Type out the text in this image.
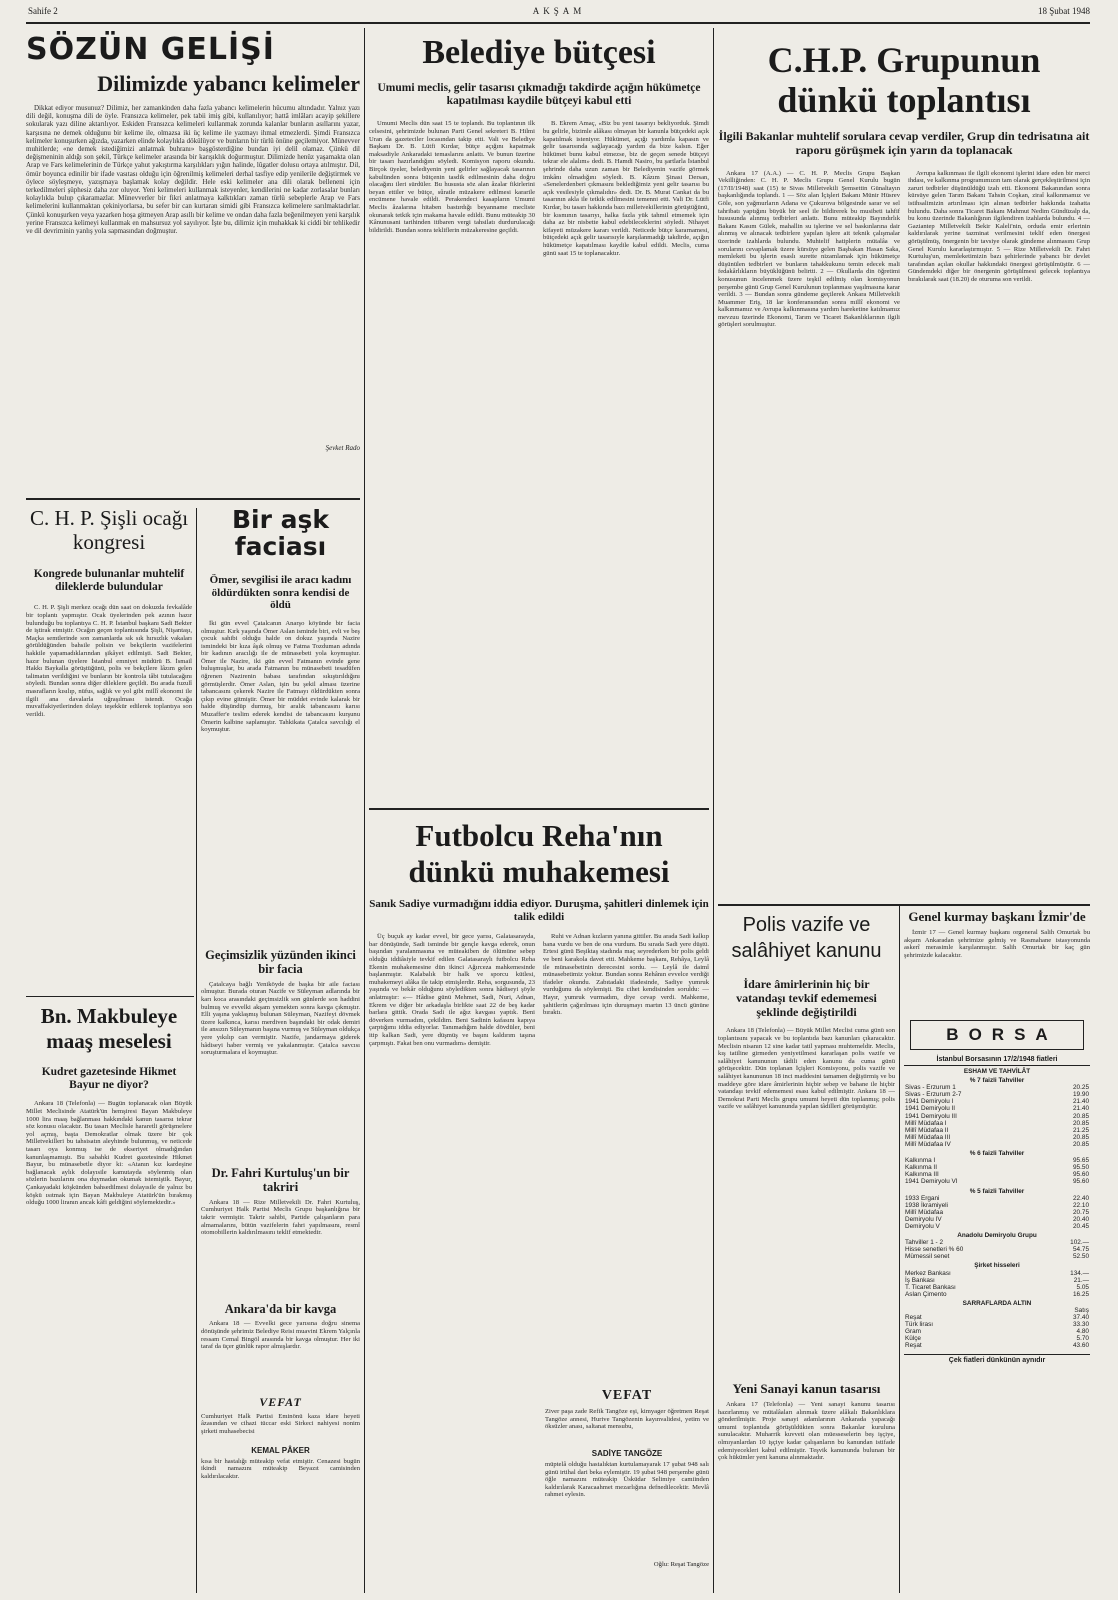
Sahife 2	AKŞAM	18 Şubat 1948
SÖZÜN GELİŞİ
Dilimizde yabancı kelimeler

Dikkat ediyor musunuz? Dilimiz, her zamankinden daha fazla yabancı kelimelerin hücumu altındadır. Yalnız yazı dili değil, konuşma dili de öyle. Fransızca kelimeler, pek tabii imiş gibi, kullanılıyor; hattâ imlâları acayip şekillere sokularak yazı diline aktarılıyor. Eskiden Fransızca kelimeleri kullanmak zorunda kalanlar bunların asıllarını yazar, karşısına ne demek olduğunu bir kelime ile, olmazsa iki üç kelime ile yazmayı ihmal etmezlerdi. Şimdi Fransızca kelimeler konuşurken ağızda, yazarken elinde kolaylıkla dökülüyor ve bunların bir türlü önüne geçilemiyor. Münevver muhitlerde; «ne demek istediğimizi anlatmak buhranı» başgösterdiğine bundan iyi delil olamaz. Çünkü dil değişmeninin aldığı son şekil, Türkçe kelimeler arasında bir karışıklık doğurmuştur. Dilimizde henüz yaşamakta olan Arap ve Fars kelimelerinin de Türkçe yahut yakıştırma karşılıkları yığın halinde, lûgatler dolusu ortaya atılmıştır. Dil, ömür boyunca edinilir bir ifade vasıtası olduğu için öğrenilmiş kelimeleri derhal tasfiye edip yenilerile değiştirmek ve öylece söyleşmeye, yazışmaya başlamak kolay değildir. Hele eski kelimeler ana dili olarak belleneni için terkedilmeleri şüphesiz daha zor oluyor. Yeni kelimeleri kullanmak isteyenler, kendilerini ne kadar zorlasalar bunları kolaylıkla bulup çıkaramazlar. Münevverler bir fikri anlatmaya kalktıkları zaman türlü sebeplerle Arap ve Fars kelimelerini kullanmaktan çekiniyorlarsa, bu sefer bir can kurtaran simidi gibi Fransızca kelimelere sarılmaktadırlar. Çünkü konuşurken veya yazarken hoşa gitmeyen Arap asıllı bir kelime ve ondan daha fazla beğenilmeyen yeni karşılık yerine Fransızca kelimeyi kullanmak en mahsursuz yol sayılıyor. İşte bu, dilimiz için muhakkak ki ciddi bir tehlikedir ve dil devriminin yanlış yola sapmasından doğmuştur.

Şevket Rado
C. H. P. Şişli ocağı kongresi
Kongrede bulunanlar muhtelif dileklerde bulundular

C. H. P. Şişli merkez ocağı dün saat on dokuzda fevkalâde bir toplantı yapmıştır. Ocak üyelerinden pek azının hazır bulunduğu bu toplantıya C. H. P. İstanbul başkanı Sadi Bekter de iştirak etmiştir. Ocağın geçen toplantısında Şişli, Nişantaşı, Maçka semtlerinde son zamanlarda sık sık hırsızlık vakaları görüldüğünden bahsile polisin ve bekçilerin vazifelerini hakkile yapamadıklarından şikâyet edilmişti. Sadi Bekter, hazır bulunan üyelere İstanbul emniyet müdürü B. İsmail Hakkı Baykalla görüştüğünü, polis ve bekçilere lâzım gelen talimatın verildiğini ve bunların bir kontrola tâbi tutulacağını söyledi. Bundan sonra diğer dileklere geçildi. Bu arada fuzulî masrafların kısılıp, nüfus, sağlık ve yol gibi millî ekonomi ile ilgili ana davalarla uğraşılması istendi. Ocağa muvaffakiyetlerinden dolayı teşekkür edilerek toplantıya son verildi.

Bn. Makbuleye maaş meselesi
Kudret gazetesinde Hikmet Bayur ne diyor?

Ankara 18 (Telefonla) — Bugün toplanacak olan Büyük Millet Meclisinde Atatürk'ün hemşiresi Bayan Makbuleye 1000 lira maaş bağlanması hakkındaki kanun tasarısı tekrar söz konusu olacaktır. Bu tasarı Meclisle hararetli görüşmelere yol açmış, başta Demokratlar olmak üzere bir çok Milletvekilleri bu tahsisatın aleyhinde bulunmuş, ve neticede tasarı oya konmuş ise de ekseriyet olmadığından kanunlaşmamıştı. Bu sabahki Kudret gazetesinde Hikmet Bayur, bu münasebetle diyor ki: «Atanın kız kardeşine bağlanacak aylık dolayısile kamutayda söylenmiş olan sözlerin bazılarını ona duymadan okumak istemiştik. Bayur, Çankayadaki köşkünden bahsedilmesi dolayısile de yalnız bu köşkü ısıtmak için Bayan Makbuleye Atatürk'ün bırakmış olduğu 1000 liranın ancak kâfi geldiğini söylemektedir.»

Bir aşk faciası
Ömer, sevgilisi ile aracı kadını öldürdükten sonra kendisi de öldü

İki gün evvel Çatalcanın Anarşo köyünde bir facia olmuştur. Kırk yaşında Ömer Aslan isminde biri, evli ve beş çocuk sahibi olduğu halde on dokuz yaşında Nazire ismindeki bir kıza âşık olmuş ve Fatma Tozduman adında bir kadının aracılığı ile de münasebeti yola koymuştur. Ömer ile Nazire, iki gün evvel Fatmanın evinde gene buluşmuşlar, bu arada Fatmanın bu münasebeti tesadüfen öğrenen Nazirenin babası tarafından sıkıştırıldığını görmüşlerdir. Ömer Aslan, işin bu şekil alması üzerine tabancasını çekerek Nazire ile Fatmayı öldürdükten sonra çıkıp evine gitmiştir. Ömer bir müddet evinde kalarak bir halde düşündüp durmuş, bir aralık tabancasını karısı Muzaffer'e teslim ederek kendisi de tabancasını kurşunu Ömerin kalbine saplamıştır. Tahkikata Çatalca savcılığı el koymuştur.

Geçimsizlik yüzünden ikinci bir facia

Çatalcaya bağlı Yeniköyde de başka bir aile faciası olmuştur. Burada oturan Nazife ve Süleyman adlarında bir karı koca arasındaki geçimsizlik son günlerde son haddini bulmuş ve evvelki akşam yemekten sonra kavga çıkmıştır. Elli yaşına yaklaşmış bulunan Süleyman, Nazifeyi dövmek üzere kalkınca, karısı merdiven başındaki bir odak demiri ile ansızın Süleymanın başına vurmuş ve Süleyman oldukça yere yıkılıp can vermiştir. Nazife, jandarmaya giderek hâdiseyi haber vermiş ve yakalanmıştır. Çatalca savcısı soruşturmalara el koymuştur.

Dr. Fahri Kurtuluş'un bir takriri

Ankara 18 — Rize Milletvekili Dr. Fahri Kurtuluş, Cumhuriyet Halk Partisi Meclis Grupu başkanlığına bir takrir vermiştir. Takrir sahibi, Partide çalışanların para almamalarını, bütün vazifelerin fahri yapılmasını, resmî otomobillerin kaldırılmasını teklif etmektedir.

Ankara'da bir kavga

Ankara 18 — Evvelki gece yarısına doğru sinema dönüşünde şehrimiz Belediye Reisi muavini Ekrem Yalçınla ressam Cemal Bingöl arasında bir kavga olmuştur. Her iki taraf da üçer günlük rapor almışlardır.

VEFAT
Cumhuriyet Halk Partisi Eminönü kaza idare heyeti âzasından ve cihazi tüccar eski Sirkeci nahiyesi nonim şirketi muhasebecisi
KEMAL PÂKER
kısa bir hastalığı müteakip vefat etmiştir. Cenazesi bugün ikindi namazını müteakip Beyazıt camisinden kaldırılacaktır.
Belediye bütçesi
Umumi meclis, gelir tasarısı çıkmadığı takdirde açığın hükümetçe kapatılması kaydile bütçeyi kabul etti

Umumi Meclis dün saat 15 te toplandı. Bu toplantının ilk celsesini, şehrimizde bulunan Parti Genel sekreteri B. Hilmi Uran da gazeteciler locasından takip etti. Vali ve Belediye Başkanı Dr. B. Lütfi Kırdar, bütçe açığını kapatmak maksadiyle Ankaradaki temaslarını anlattı. Ve bunun üzerine bir tasarı hazırlandığını söyledi. Komisyon raporu okundu. Birçok üyeler, belediyenin yeni gelirler sağlayacak tasarının kabulünden sonra bütçenin tasdik edilmesinin daha doğru olacağını ileri sürdüler. Bu hususta söz alan âzalar fikirlerini beyan ettiler ve bütçe, sûratle müzakere edilmesi kararile encümene havale edildi. Perakendeci kasapların Umumi Meclis âzalarına hitaben bastırdığı beyanname mecliste okunarak tetkik için makama havale edildi. Bunu müteakip 30 Kânunusani tarihinden itibaren vergi tahsilatı durdurulacağı bildirildi. Bundan sonra tekliflerin müzakeresine geçildi.

B. Ekrem Amaç, «Biz bu yeni tasarıyı bekliyorduk. Şimdi bu gelirle, bizimle alâkası olmayan bir kanunla bütçedeki açık kapatılmak isteniyor. Hükümet, açığı yardımla kapasın ve gelir tasarısında sağlayacağı yardım da bize kalsın. Eğer hükümet bunu kabul etmezse, biz de geçen senede bütçeyi tekrar ele alalım» dedi. B. Hamdi Nasiro, bu şartlarla İstanbul şehrinde daha uzun zaman bir Belediyenin vazife görmek imkânı olmadığını söyledi. B. Kâzım Şinasi Dersan, «Senelerdenberi çıkmasını beklediğimiz yeni gelir tasarısı bu açık vesilesiyle çıkmalıdır» dedi. Dr. B. Murat Cankat da bu tasarının akla ile tetkik edilmesini temenni etti. Vali Dr. Lütfi Kırdar, bu tasarı hakkında bazı milletvekillerinin görüştüğünü, bir kısmının tasarıyı, halka fazla yük tahmil etmemek için daha az bir nisbette kabul edebileceklerini söyledi. Nihayet kifayeti müzakere kararı verildi. Neticede bütçe kararnamesi, bütçedeki açık gelir tasarısıyle karşılanmadığı takdirde, açığın hükümetçe kapatılması kaydile kabul edildi. Meclis, cuma günü saat 15 te toplanacaktır.

Futbolcu Reha'nın dünkü muhakemesi
Sanık Sadiye vurmadığını iddia ediyor. Duruşma, şahitleri dinlemek için talik edildi

Üç buçuk ay kadar evvel, bir gece yarısı, Galatasarayda, bar dönüşünde, Sadi isminde bir gençle kavga ederek, onun başından yaralanmasına ve müteakiben de ölümüne sebep olduğu iddiâsiyle tevkif edilen Galatasaraylı futbolcu Reha Ekenin muhakemesine dün ikinci Ağırceza mahkemesinde başlanmıştır. Kalabalık bir halk ve sporcu kütlesi, muhakemeyi alâka ile takip etmişlerdir. Reha, sorgusunda, 23 yaşında ve bekâr olduğunu söyledikten sonra hâdiseyi şöyle anlatmıştır: «— Hâdise günü Mehmet, Sadi, Nuri, Adnan, Ekrem ve diğer bir arkadaşla birlikte saat 22 de beş kadar barlara gittik. Orada Sadi ile ağız kavgası yaptık. Beni döverken vurmadım, çekildim. Beni Sadinin kafasını kapıya çarptığımı iddia ediyorlar. Tanımadığım halde dövdüler, beni itip kalkan Sadi, yere düşmüş ve başını kaldırım taşına çarpmıştı. Fakat ben onu vurmadım» demiştir.

Ruhi ve Adnan kızların yanına gittiler. Bu arada Sadi kalkıp bana vurdu ve ben de ona vurdum. Bu sırada Sadi yere düştü. Ertesi günü Beşiktaş stadında maç seyrederken bir polis geldi ve beni karakola davet etti. Mahkeme başkanı, Rehâya, Leylâ ile münasebetinin derecesini sordu. — Leylâ ile daimî münasebetimiz yoktur. Bundan sonra Rehânın evvelce verdiği ifadeler okundu. Zabıtadaki ifadesinde, Sadiye yumruk vurduğunu da söylemişti. Bu cihet kendisinden soruldu: — Hayır, yumruk vurmadım, diye cevap verdi. Mahkeme, şahitlerin çağırılması için duruşmayı martın 13 üncü gününe bıraktı.

VEFAT
Ziver paşa zade Refik Tangöze eşi, kimyager öğretmen Reşat Tangöze annesi, Hurive Tangözenin kayınvalidesi, yetim ve öksüzler anası, saltanat mensubu,
SADİYE TANGÖZE
müptelâ olduğu hastalıktan kurtulamayarak 17 şubat 948 salı günü irtihal dari beka eylemiştir. 19 şubat 948 perşembe günü öğle namazını müteakip Üsküdar Selimiye camiinden kaldırılarak Karacaahmet mezarlığına defnedilecektir. Mevlâ rahmet eylesin.
Oğlu: Reşat Tangöze
C.H.P. Grupunun dünkü toplantısı
İlgili Bakanlar muhtelif sorulara cevap verdiler, Grup din tedrisatına ait raporu görüşmek için yarın da toplanacak

Ankara 17 (A.A.) — C. H. P. Meclis Grupu Başkan Vekilliğinden: C. H. P. Meclis Grupu Genel Kurulu bugün (17/II/1948) saat (15) te Sivas Milletvekili Şemsettin Günaltayın başkanlığında toplandı. 1 — Söz alan İçişleri Bakanı Münir Hüsrev Göle, son yağmurların Adana ve Çukurova bölgesinde sarar ve sel tahribatı yaptığını büyük bir seel ile bildirerek bu musibeti tahfif hususunda alınmış tedbirleri anlattı. Bunu müteakip Bayındırlık Bakanı Kasım Gülek, mahallin su işlerine ve sel baskınlarına dair alınmış ve alınacak tedbirlere yapılan işlere ait teknik çalışmalar üzerinde izahlarda bulundu. Muhtelif hatiplerin mütalâa ve sorularını cevaplamak üzere kürsüye gelen Başbakan Hasan Saka, memleketi bu işlerin esaslı surette nizamlamak için hükümetçe düşünülen tedbirleri ve bunların tahakkukunu temin edecek mali fedakârlıkların büyüklüğünü belirtti. 2 — Okullarda din öğretimi konusunun incelenmek üzere teşkil edilmiş olan komisyonun perşembe günü Grup Genel Kurulunun toplanması yaşılmasına karar verildi. 3 — Bundan sonra gündeme geçilerek Ankara Milletvekili Muammer Eriş, 18 lar konferansından sonra millî ekonomi ve kalkınmamız ve Avrupa kalkınmasına yardım hareketine katılmamız mevzuu üzerinde Ekonomi, Tarım ve Ticaret Bakanlıklarının ilgili görüşleri sorulmuştur.

Avrupa kalkınması ile ilgili ekonomi işlerini idare eden bir merci ihdası, ve kalkınma programımızın tam olarak gerçekleştirilmesi için zaruri tedbirler düşünüldüğü izah etti. Ekonomi Bakanından sonra kürsüye gelen Tarım Bakanı Tahsin Coşkan, ziraî kalkınmamız ve istihsalimizin artırılması için alınan tedbirler hakkında izahatta bulundu. Daha sonra Ticaret Bakanı Mahmut Nedim Gündüzalp da, bu konu üzerinde Bakanlığının ilgilendiren izahlarda bulundu. 4 — Gaziantep Milletvekili Bekir Kaleli'nin, orduda emir erlerinin kaldırılarak yerine tazminat verilmesini teklif eden önergesi görüşülmüş, önergenin bir tavsiye olarak gündeme alınmasını Grup Genel Kurulu kararlaştırmıştır. 5 — Rize Milletvekili Dr. Fahri Kurtuluş'un, memleketimizin bazı şehirlerinde yabancı bir devlet tarafından açılan okullar hakkındaki önergesi görüşülmüştür. 6 — Gündemdeki diğer bir önergenin görüşülmesi gelecek toplantıya bırakılarak saat (18.20) de oturuma son verildi.

Polis vazife ve salâhiyet kanunu
İdare âmirlerinin hiç bir vatandaşı tevkif edememesi şeklinde değiştirildi

Ankara 18 (Telefonla) — Büyük Millet Meclisi cuma günü son toplantısını yapacak ve bu toplantıda bazı kanunları çıkaracaktır. Meclisin nisanın 12 sine kadar tatil yapması muhtemeldir. Meclis, kış tatiline girmeden yeniyetilmesi kararlaşan polis vazife ve salâhiyet kanununun tâdili eden kanunu da cuma günü görüşecektir. Dün toplanan İçişleri Komisyonu, polis vazife ve salâhiyet kanununun 18 inci maddesini tamamen değiştirmiş ve bu maddeye göre idare âmirlerinin hiçbir sebep ve bahane ile hiçbir vatandaşı tevkif edememesi esası kabul edilmiştir. Ankara 18 — Demokrat Parti Meclis grupu umumi heyeti dün toplanmış; polis vazife ve salâhiyet kanununda yapılan tâdilleri görüşmüştür.

Yeni Sanayi kanun tasarısı

Ankara 17 (Telefonla) — Yeni sanayi kanunu tasarısı hazırlanmış ve mütalâaları alınmak üzere alâkalı Bakanlıklara gönderilmiştir. Proje sanayi adamlarının Ankarada yapacağı umumi toplantıda görüşüldükten sonra Bakanlar kuruluna sunulacaktır. Muharrik kuvveti olan müesseselerin beş işçiye, olmıyanlardan 10 işçiye kadar çalışanların bu kanundan istifade edemiyecekleri kabul edilmiştir. Teşvik kanununda bulunan bir çok hükümler yeni kanuna alınmaktadır.

Genel kurmay başkanı İzmir'de

İzmir 17 — Genel kurmay başkanı orgeneral Salih Omurtak bu akşam Ankaradan şehrimize gelmiş ve Rasmahane istasyonunda askerî merasimle karşılanmıştır. Salih Omurtak bir kaç gün şehrimizde kalacaktır.

BORSA
İstanbul Borsasının 17/2/1948 fiatleri
ESHAM VE TAHVİLÂT	
% 7 faizli Tahviller	
Sivas - Erzurum 1	20.25
Sivas - Erzurum 2-7	19.90
1941 Demiryolu I	21.40
1941 Demiryolu II	21.40
1941 Demiryolu III	20.85
Millî Müdafaa I	20.85
Millî Müdafaa II	21.25
Millî Müdafaa III	20.85
Millî Müdafaa IV	20.85
% 6 faizli Tahviller	
Kalkınma I	95.65
Kalkınma II	95.50
Kalkınma III	95.60
1941 Demiryolu VI	95.60
% 5 faizli Tahviller	
1933 Ergani	22.40
1938 İkramiyeli	22.10
Millî Müdafaa	20.75
Demiryolu IV	20.40
Demiryolu V	20.45
Anadolu Demiryolu Grupu	
Tahviller 1 - 2	102.—
Hisse senetleri % 60	54.75
Mümessil senet	52.50
Şirket hisseleri	
Merkez Bankası	134.—
İş Bankası	21.—
T. Ticaret Bankası	5.05
Aslan Çimento	16.25
SARRAFLARDA ALTIN	
	Satış
Reşat	37.40
Türk lirası	33.30
Gram	4.80
Külçe	5.70
Reşat	43.60
Çek fiatleri dünkünün aynıdır
